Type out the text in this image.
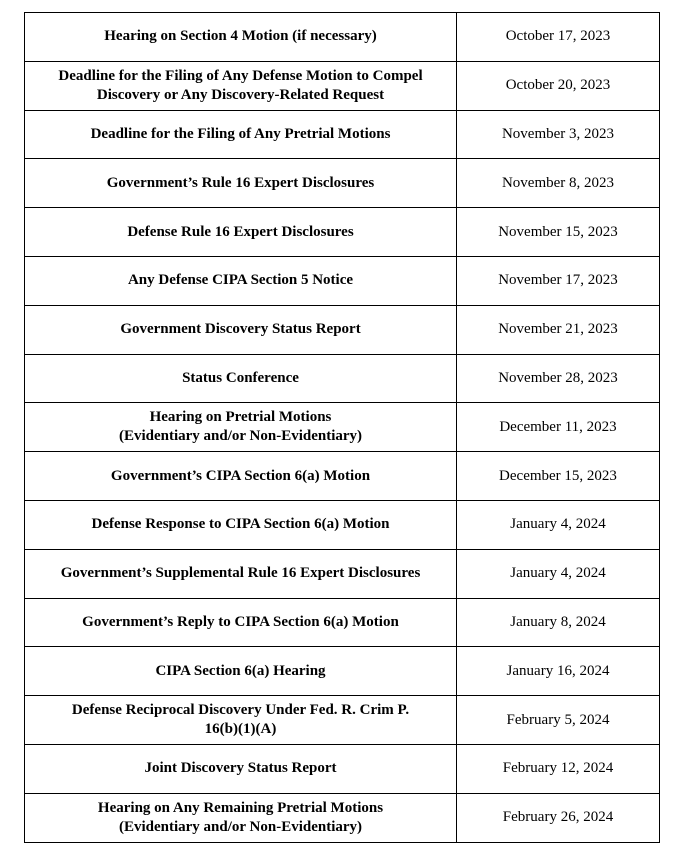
Hearing on Section 4 Motion (if necessary)	October 17, 2023
Deadline for the Filing of Any Defense Motion to Compel
Discovery or Any Discovery-Related Request	October 20, 2023
Deadline for the Filing of Any Pretrial Motions	November 3, 2023
Government’s Rule 16 Expert Disclosures	November 8, 2023
Defense Rule 16 Expert Disclosures	November 15, 2023
Any Defense CIPA Section 5 Notice	November 17, 2023
Government Discovery Status Report	November 21, 2023
Status Conference	November 28, 2023
Hearing on Pretrial Motions
(Evidentiary and/or Non-Evidentiary)	December 11, 2023
Government’s CIPA Section 6(a) Motion	December 15, 2023
Defense Response to CIPA Section 6(a) Motion	January 4, 2024
Government’s Supplemental Rule 16 Expert Disclosures	January 4, 2024
Government’s Reply to CIPA Section 6(a) Motion	January 8, 2024
CIPA Section 6(a) Hearing	January 16, 2024
Defense Reciprocal Discovery Under Fed. R. Crim P.
16(b)(1)(A)	February 5, 2024
Joint Discovery Status Report	February 12, 2024
Hearing on Any Remaining Pretrial Motions
(Evidentiary and/or Non-Evidentiary)	February 26, 2024
